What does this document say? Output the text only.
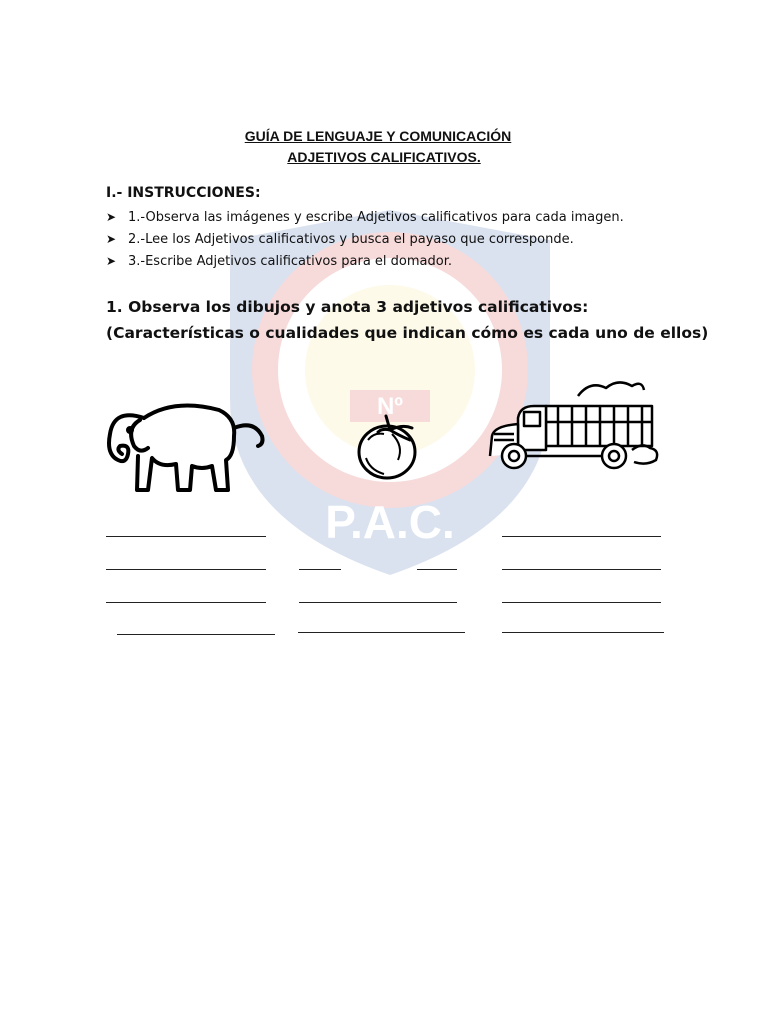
Nº
P.A.C.
GUÍA DE LENGUAJE Y COMUNICACIÓN
ADJETIVOS CALIFICATIVOS.
I.- INSTRUCCIONES:
➤ 1.-Observa las imágenes y escribe Adjetivos calificativos para cada imagen.
➤ 2.-Lee los Adjetivos calificativos y busca el payaso que corresponde.
➤ 3.-Escribe Adjetivos calificativos para el domador.
1. Observa los dibujos y anota 3 adjetivos calificativos:
(Características o cualidades que indican cómo es cada uno de ellos)
